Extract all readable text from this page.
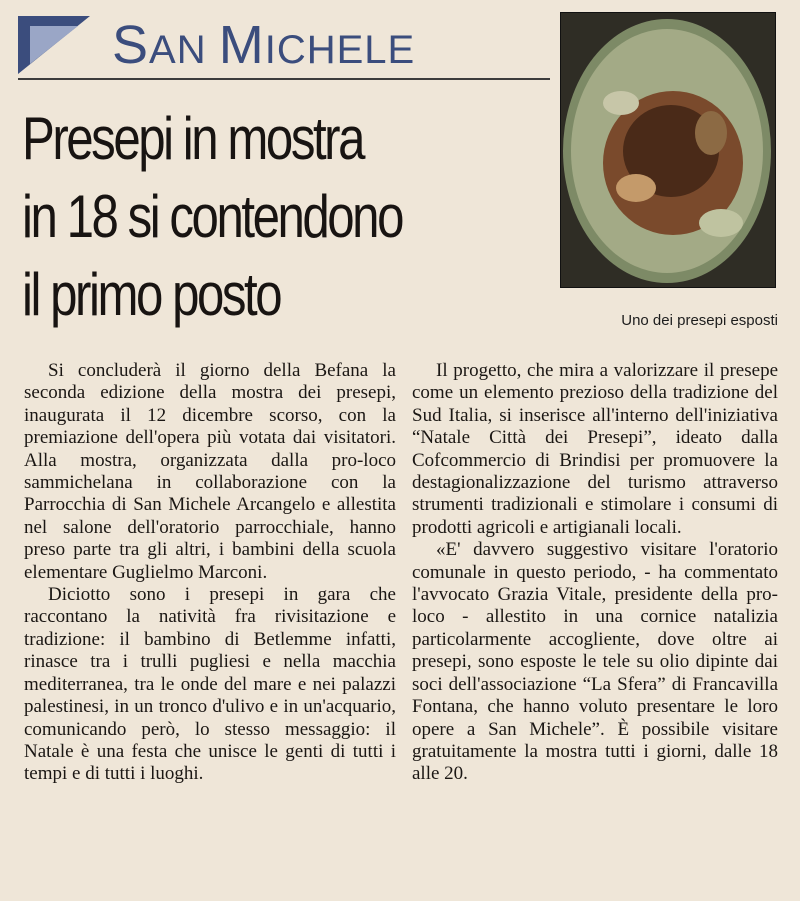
SAN MICHELE
Presepi in mostra
in 18 si contendono
il primo posto	Uno dei presepi esposti

Si concluderà il giorno della Befana la seconda edizione della mostra dei presepi, inaugurata il 12 dicembre scorso, con la premiazione dell'opera più votata dai visitatori. Alla mostra, organizzata dalla pro-loco sammichelana in collaborazione con la Parrocchia di San Michele Arcangelo e allestita nel salone dell'oratorio parrocchiale, hanno preso parte tra gli altri, i bambini della scuola elementare Guglielmo Marconi.

Diciotto sono i presepi in gara che raccontano la natività fra rivisitazione e tradizione: il bambino di Betlemme infatti, rinasce tra i trulli pugliesi e nella macchia mediterranea, tra le onde del mare e nei palazzi palestinesi, in un tronco d'ulivo e in un'acquario, comunicando però, lo stesso messaggio: il Natale è una festa che unisce le genti di tutti i tempi e di tutti i luoghi.

Il progetto, che mira a valorizzare il presepe come un elemento prezioso della tradizione del Sud Italia, si inserisce all'interno dell'iniziativa “Natale Città dei Presepi”, ideato dalla Cofcommercio di Brindisi per promuovere la destagionalizzazione del turismo attraverso strumenti tradizionali e stimolare i consumi di prodotti agricoli e artigianali locali.

«E' davvero suggestivo visitare l'oratorio comunale in questo periodo, - ha commentato l'avvocato Grazia Vitale, presidente della pro-loco - allestito in una cornice natalizia particolarmente accogliente, dove oltre ai presepi, sono esposte le tele su olio dipinte dai soci dell'associazione “La Sfera” di Francavilla Fontana, che hanno voluto presentare le loro opere a San Michele”. È possibile visitare gratuitamente la mostra tutti i giorni, dalle 18 alle 20.
